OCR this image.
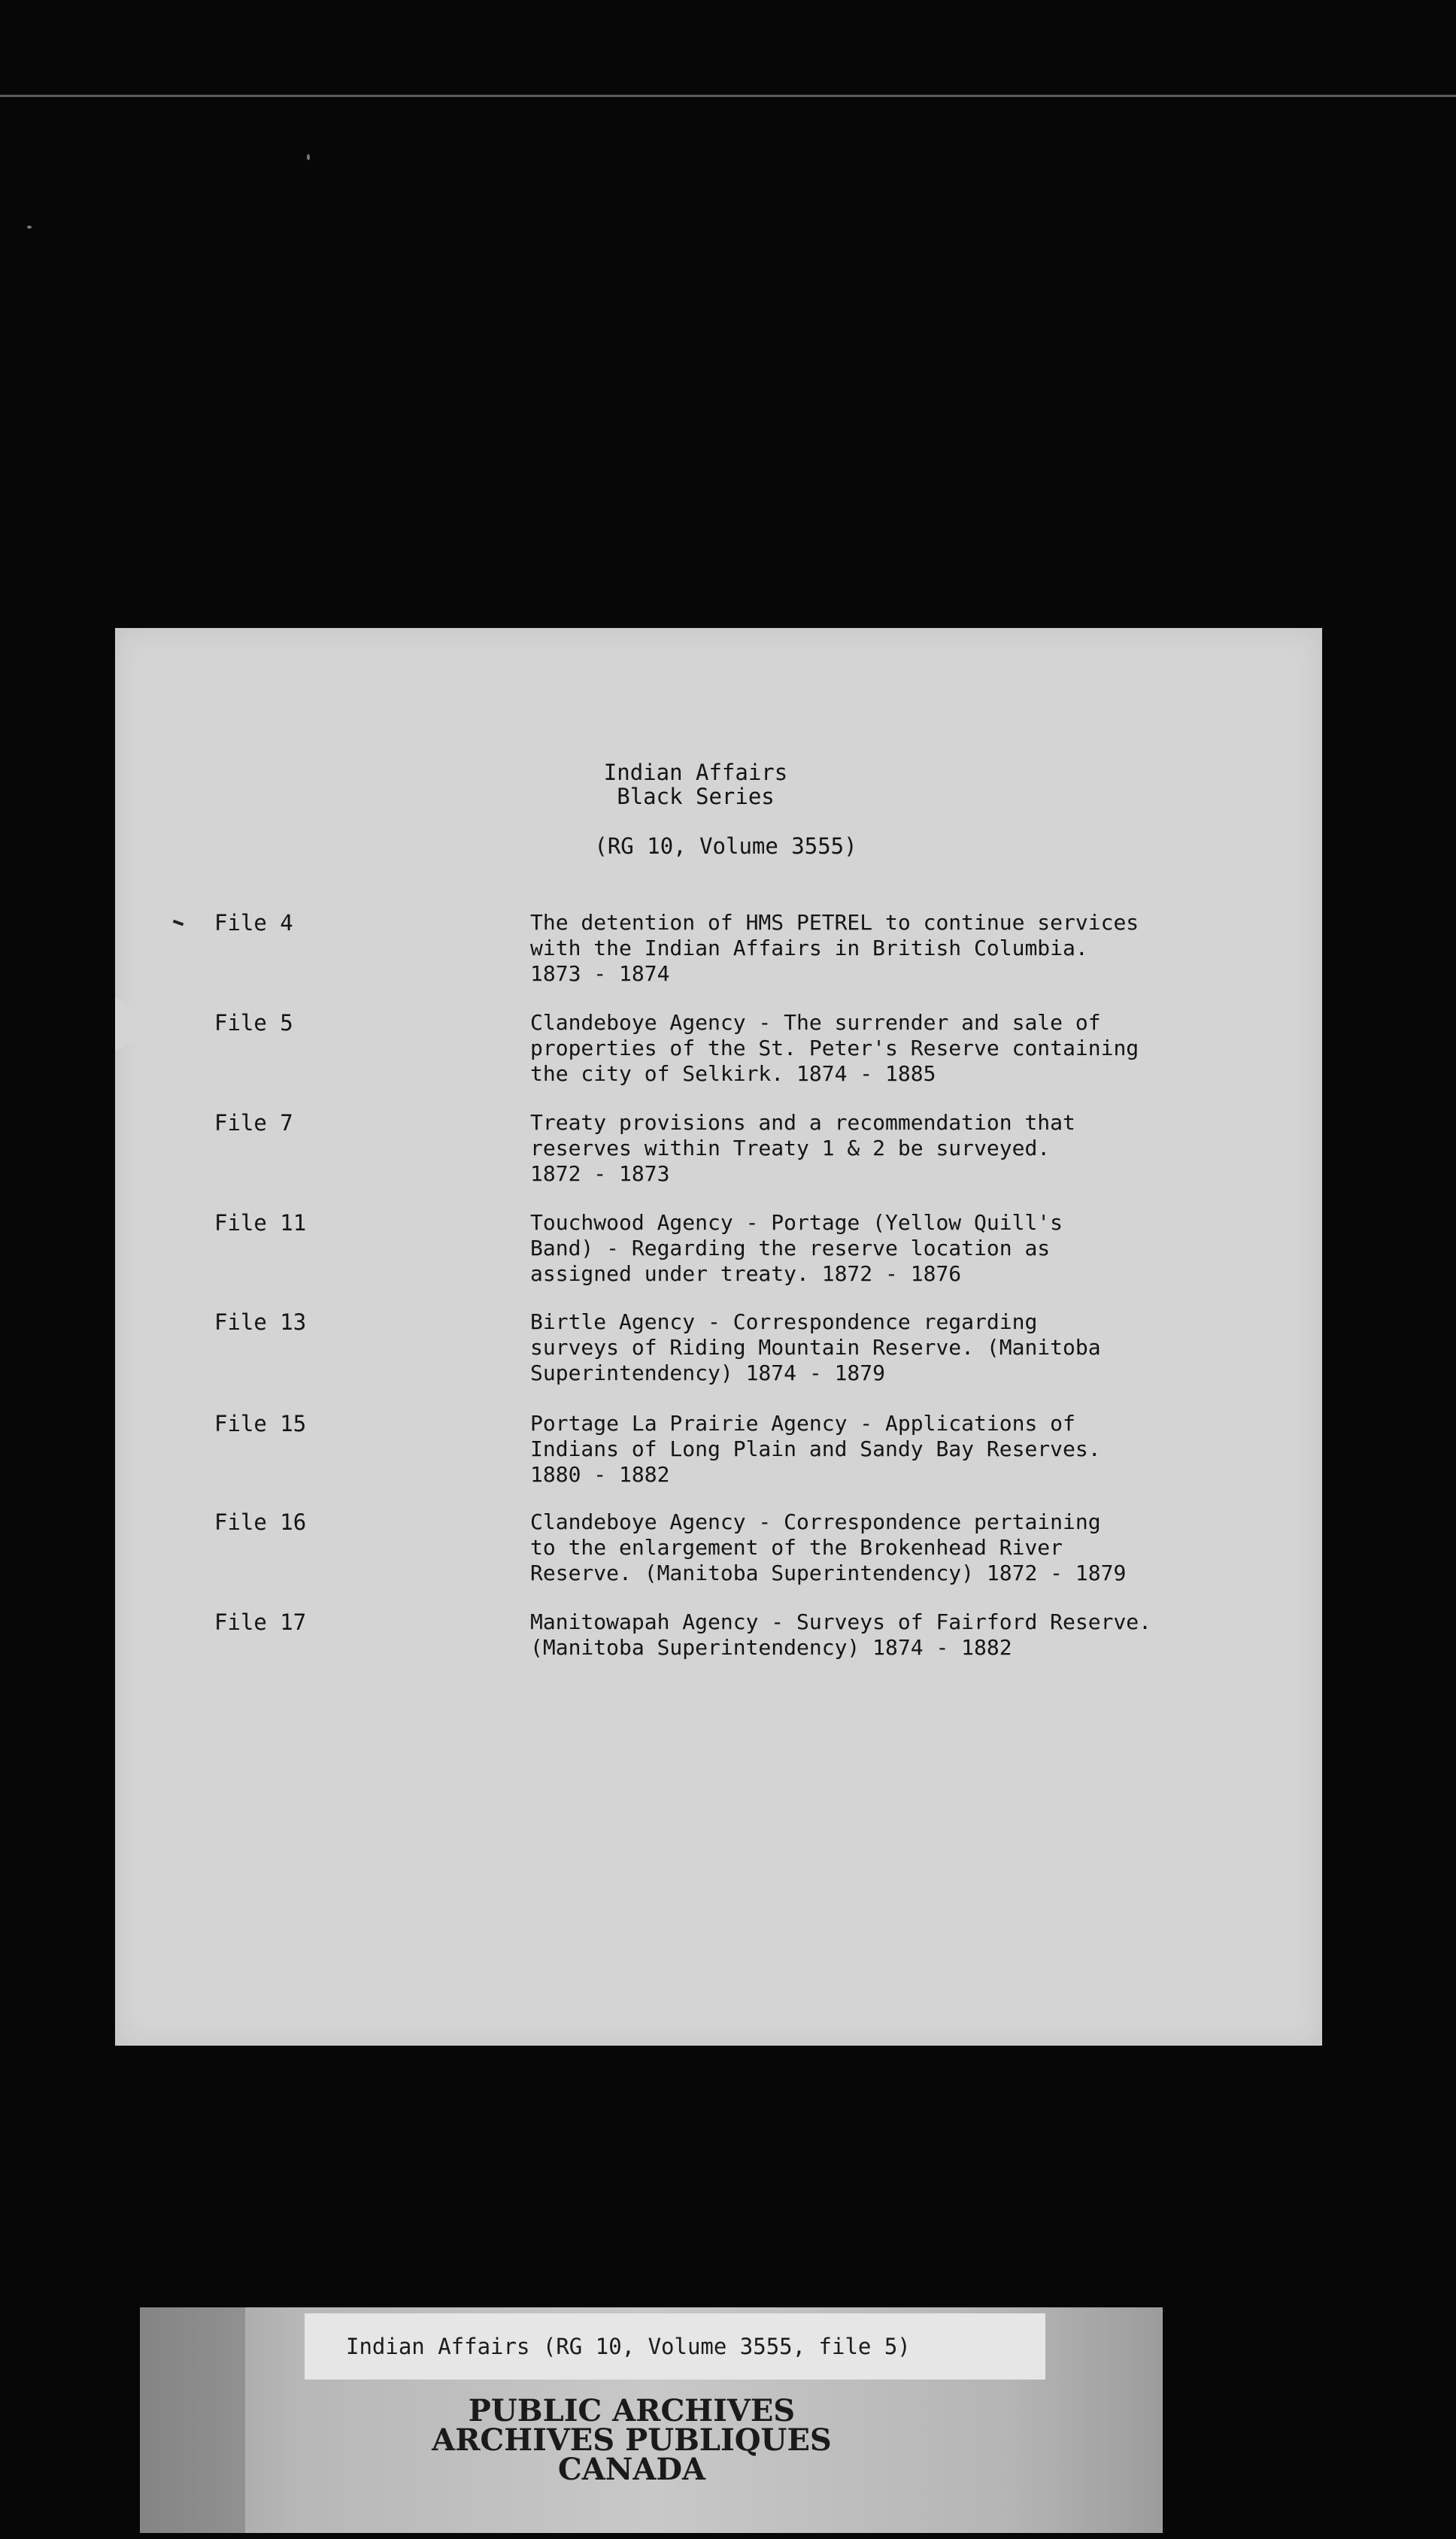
Indian Affairs
Black Series
(RG 10, Volume 3555)
File 4	The detention of HMS PETREL to continue services
with the Indian Affairs in British Columbia.
1873 - 1874
File 5	Clandeboye Agency - The surrender and sale of
properties of the St. Peter's Reserve containing
the city of Selkirk. 1874 - 1885
File 7	Treaty provisions and a recommendation that
reserves within Treaty 1 & 2 be surveyed.
1872 - 1873
File 11	Touchwood Agency - Portage (Yellow Quill's
Band) - Regarding the reserve location as
assigned under treaty. 1872 - 1876
File 13	Birtle Agency - Correspondence regarding
surveys of Riding Mountain Reserve. (Manitoba
Superintendency) 1874 - 1879
File 15	Portage La Prairie Agency - Applications of
Indians of Long Plain and Sandy Bay Reserves.
1880 - 1882
File 16	Clandeboye Agency - Correspondence pertaining
to the enlargement of the Brokenhead River
Reserve. (Manitoba Superintendency) 1872 - 1879
File 17	Manitowapah Agency - Surveys of Fairford Reserve.
(Manitoba Superintendency) 1874 - 1882
Indian Affairs (RG 10, Volume 3555, file 5)
PUBLIC ARCHIVES
ARCHIVES PUBLIQUES
CANADA
